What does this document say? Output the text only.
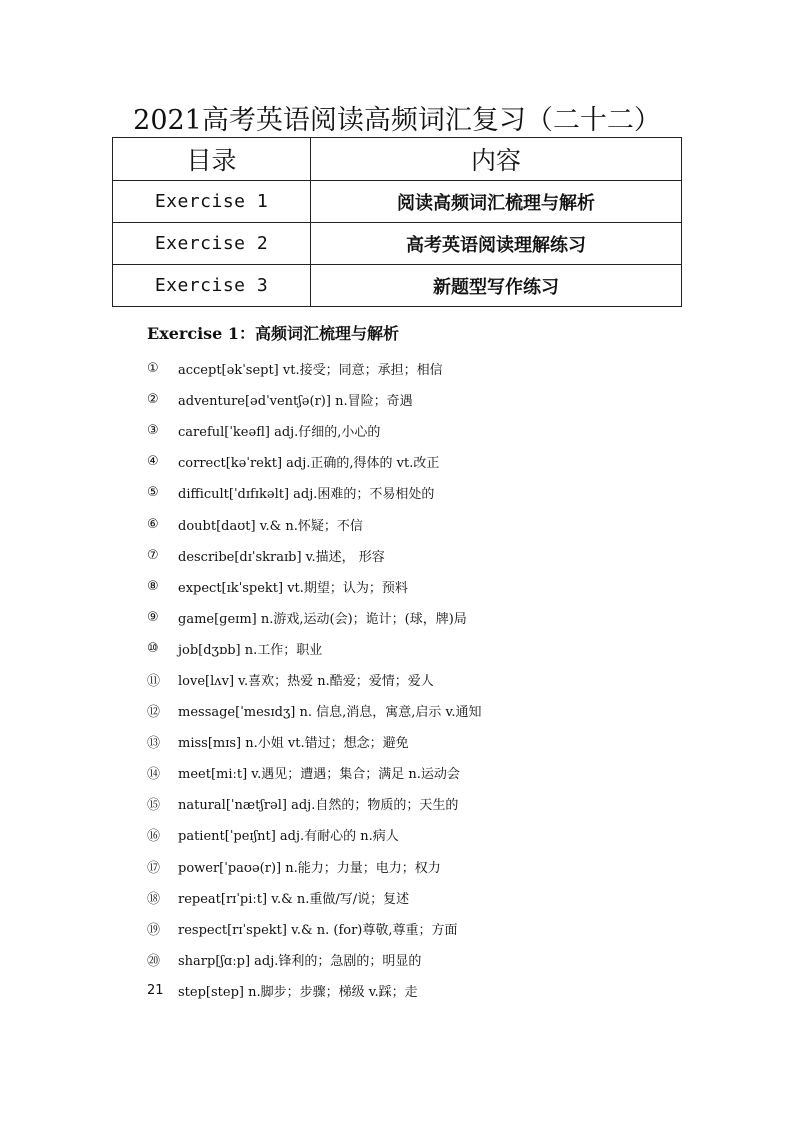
2021高考英语阅读高频词汇复习（二十二）
目录	内容
Exercise 1	阅读高频词汇梳理与解析
Exercise 2	高考英语阅读理解练习
Exercise 3	新题型写作练习
Exercise 1：高频词汇梳理与解析
①	accept[əkˈsept] vt.接受；同意；承担；相信
②	adventure[ədˈventʃə(r)] n.冒险；奇遇
③	careful[ˈkeəfl] adj.仔细的,小心的
④	correct[kəˈrekt] adj.正确的,得体的 vt.改正
⑤	difficult[ˈdɪfɪkəlt] adj.困难的；不易相处的
⑥	doubt[daʊt] v.& n.怀疑；不信
⑦	describe[dɪˈskraɪb] v.描述， 形容
⑧	expect[ɪkˈspekt] vt.期望；认为；预料
⑨	game[ɡeɪm] n.游戏,运动(会)；诡计；(球，牌)局
⑩	job[dʒɒb] n.工作；职业
⑪	love[lʌv] v.喜欢；热爱 n.酷爱；爱情；爱人
⑫	message[ˈmesɪdʒ] n. 信息,消息，寓意,启示 v.通知
⑬	miss[mɪs] n.小姐 vt.错过；想念；避免
⑭	meet[miːt] v.遇见；遭遇；集合；满足 n.运动会
⑮	natural[ˈnætʃrəl] adj.自然的；物质的；天生的
⑯	patient[ˈpeɪʃnt] adj.有耐心的 n.病人
⑰	power[ˈpaʊə(r)] n.能力；力量；电力；权力
⑱	repeat[rɪˈpiːt] v.& n.重做/写/说；复述
⑲	respect[rɪˈspekt] v.& n. (for)尊敬,尊重；方面
⑳	sharp[ʃɑːp] adj.锋利的；急剧的；明显的
21	step[step] n.脚步；步骤；梯级 v.踩；走
